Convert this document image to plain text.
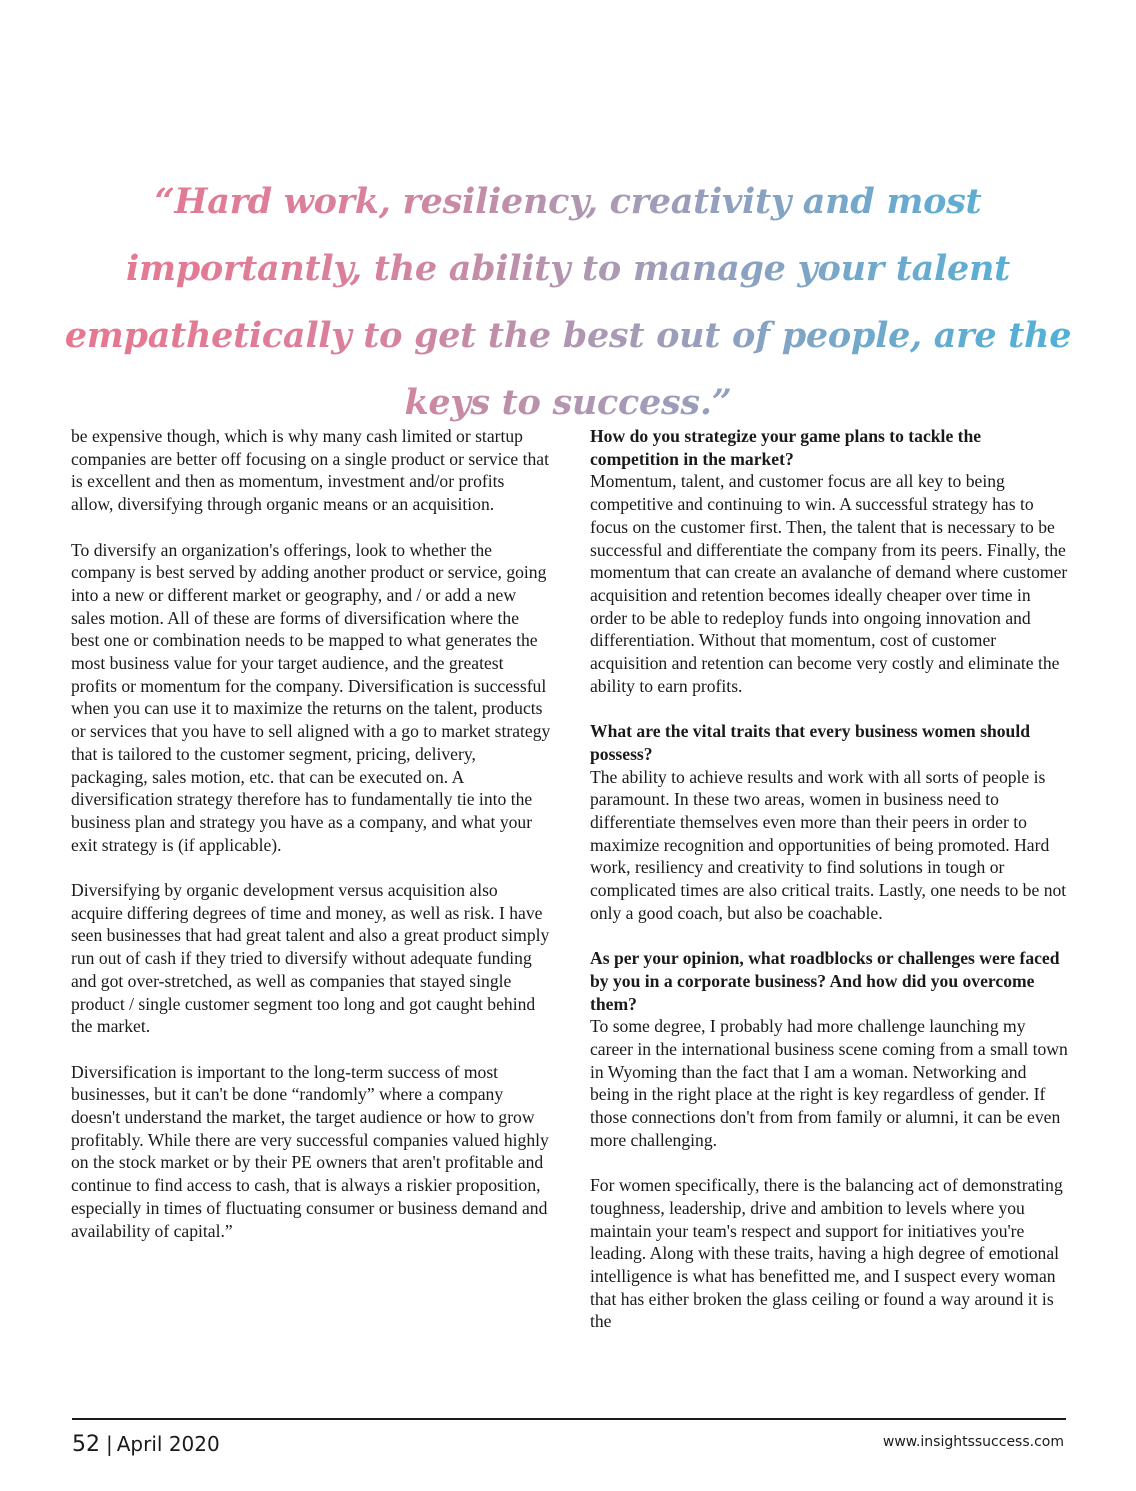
“Hard work, resiliency, creativity and most importantly, the ability to manage your talent empathetically to get the best out of people, are the keys to success.”

be expensive though, which is why many cash limited or startup companies are better off focusing on a single product or service that is excellent and then as momentum, investment and/or profits allow, diversifying through organic means or an acquisition.

To diversify an organization's offerings, look to whether the company is best served by adding another product or service, going into a new or different market or geography, and / or add a new sales motion. All of these are forms of diversification where the best one or combination needs to be mapped to what generates the most business value for your target audience, and the greatest profits or momentum for the company. Diversification is successful when you can use it to maximize the returns on the talent, products or services that you have to sell aligned with a go to market strategy that is tailored to the customer segment, pricing, delivery, packaging, sales motion, etc. that can be executed on. A diversification strategy therefore has to fundamentally tie into the business plan and strategy you have as a company, and what your exit strategy is (if applicable).

Diversifying by organic development versus acquisition also acquire differing degrees of time and money, as well as risk. I have seen businesses that had great talent and also a great product simply run out of cash if they tried to diversify without adequate funding and got over-stretched, as well as companies that stayed single product / single customer segment too long and got caught behind the market.

Diversification is important to the long-term success of most businesses, but it can't be done “randomly” where a company doesn't understand the market, the target audience or how to grow profitably. While there are very successful companies valued highly on the stock market or by their PE owners that aren't profitable and continue to find access to cash, that is always a riskier proposition, especially in times of fluctuating consumer or business demand and availability of capital.”

How do you strategize your game plans to tackle the competition in the market?

Momentum, talent, and customer focus are all key to being competitive and continuing to win. A successful strategy has to focus on the customer first. Then, the talent that is necessary to be successful and differentiate the company from its peers. Finally, the momentum that can create an avalanche of demand where customer acquisition and retention becomes ideally cheaper over time in order to be able to redeploy funds into ongoing innovation and differentiation. Without that momentum, cost of customer acquisition and retention can become very costly and eliminate the ability to earn profits.

What are the vital traits that every business women should possess?

The ability to achieve results and work with all sorts of people is paramount. In these two areas, women in business need to differentiate themselves even more than their peers in order to maximize recognition and opportunities of being promoted. Hard work, resiliency and creativity to find solutions in tough or complicated times are also critical traits. Lastly, one needs to be not only a good coach, but also be coachable.

As per your opinion, what roadblocks or challenges were faced by you in a corporate business? And how did you overcome them?

To some degree, I probably had more challenge launching my career in the international business scene coming from a small town in Wyoming than the fact that I am a woman. Networking and being in the right place at the right is key regardless of gender. If those connections don't from from family or alumni, it can be even more challenging.

For women specifically, there is the balancing act of demonstrating toughness, leadership, drive and ambition to levels where you maintain your team's respect and support for initiatives you're leading. Along with these traits, having a high degree of emotional intelligence is what has benefitted me, and I suspect every woman that has either broken the glass ceiling or found a way around it is the

52 | April 2020	www.insightssuccess.com
